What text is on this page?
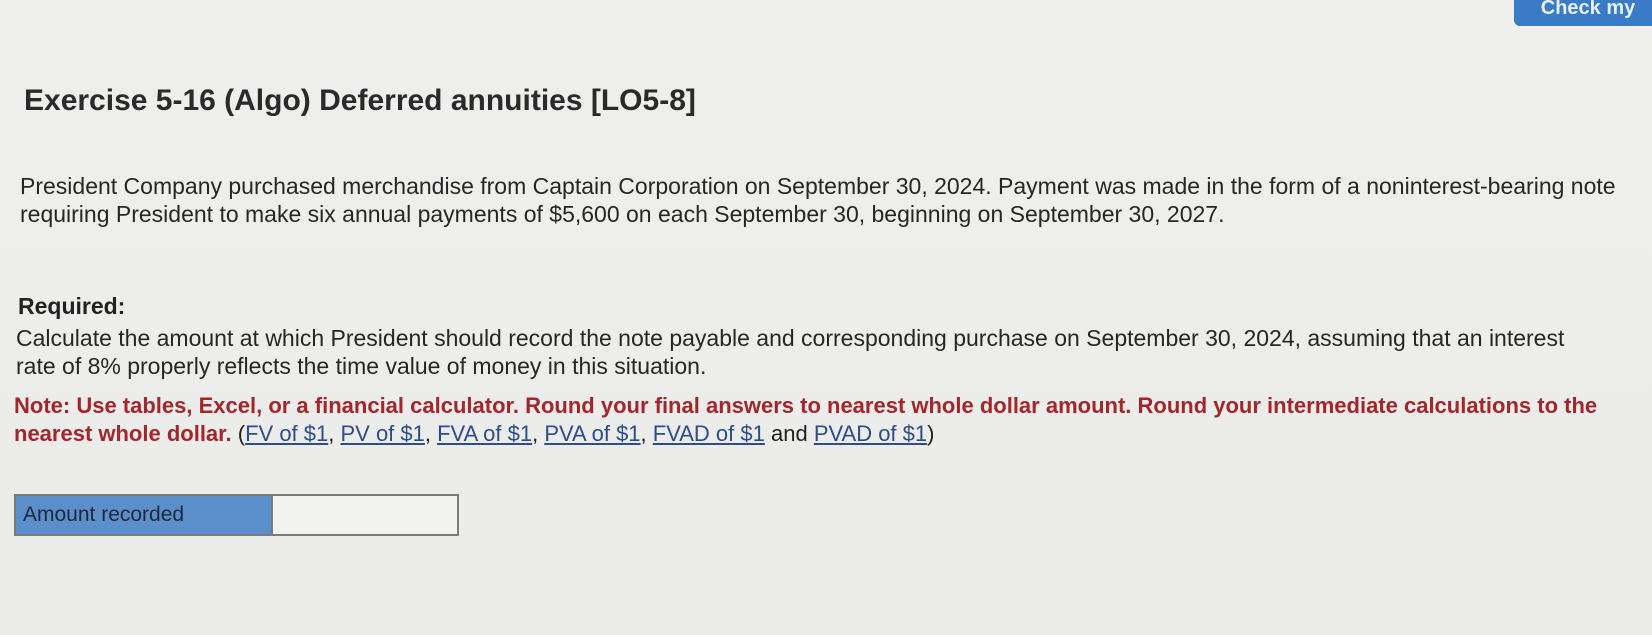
Check my
Exercise 5-16 (Algo) Deferred annuities [LO5-8]
President Company purchased merchandise from Captain Corporation on September 30, 2024. Payment was made in the form of a noninterest-bearing note requiring President to make six annual payments of $5,600 on each September 30, beginning on September 30, 2027.
Required:
Calculate the amount at which President should record the note payable and corresponding purchase on September 30, 2024, assuming that an interest rate of 8% properly reflects the time value of money in this situation.
Note: Use tables, Excel, or a financial calculator. Round your final answers to nearest whole dollar amount. Round your intermediate calculations to the nearest whole dollar. (FV of $1, PV of $1, FVA of $1, PVA of $1, FVAD of $1 and PVAD of $1)
Amount recorded
